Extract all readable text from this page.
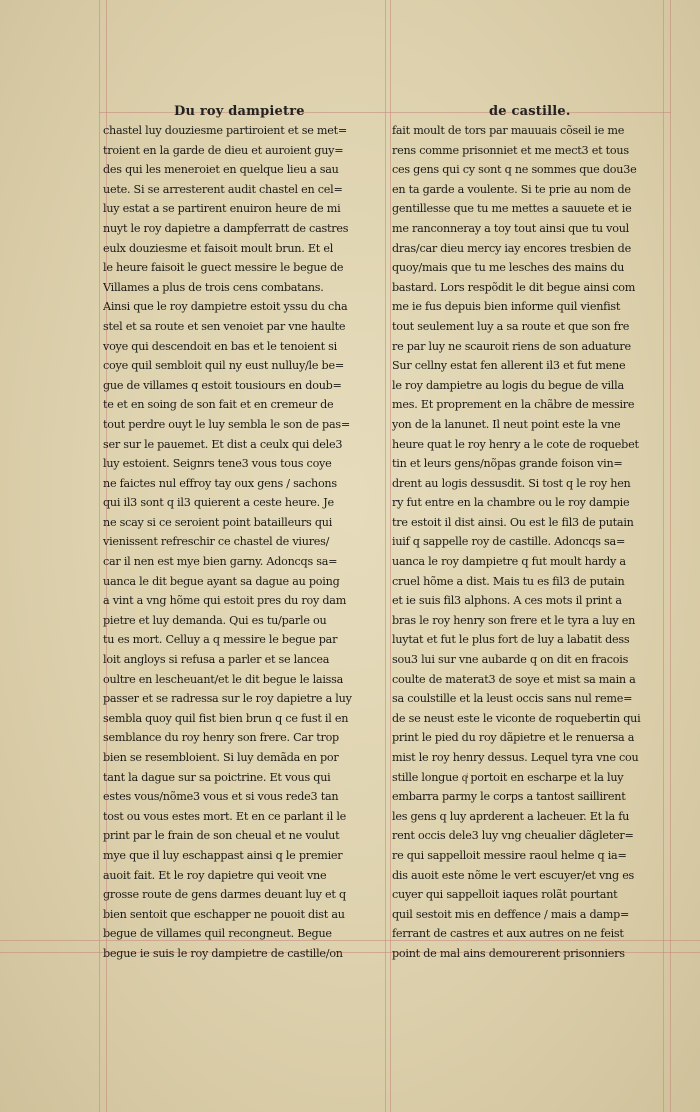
Du roy dampietre	de castille.
chastel luy douziesme partiroient et se met=
troient en la garde de dieu et auroient guy=
des qui les meneroiet en quelque lieu a sau
uete. Si se arresterent audit chastel en cel=
luy estat a se partirent enuiron heure de mi
nuyt le roy dapietre a dampferratt de castres
eulx douziesme et faisoit moult brun. Et el
le heure faisoit le guect messire le begue de
Villames a plus de trois cens combatans.
Ainsi que le roy dampietre estoit yssu du cha
stel et sa route et sen venoiet par vne haulte
voye qui descendoit en bas et le tenoient si
coye quil sembloit quil ny eust nulluy/le be=
gue de villames q estoit tousiours en doub=
te et en soing de son fait et en cremeur de
tout perdre ouyt le luy sembla le son de pas=
ser sur le pauemet. Et dist a ceulx qui dele3
luy estoient. Seignrs tene3 vous tous coye
ne faictes nul effroy tay oux gens / sachons
qui il3 sont q il3 quierent a ceste heure. Je
ne scay si ce seroient point batailleurs qui
vienissent refreschir ce chastel de viures/
car il nen est mye bien garny. Adoncqs sa=
uanca le dit begue ayant sa dague au poing
a vint a vng hõme qui estoit pres du roy dam
pietre et luy demanda. Qui es tu/parle ou
tu es mort. Celluy a q messire le begue par
loit angloys si refusa a parler et se lancea
oultre en lescheuant/et le dit begue le laissa
passer et se radressa sur le roy dapietre a luy
sembla quoy quil fist bien brun q ce fust il en
semblance du roy henry son frere. Car trop
bien se resembloient. Si luy demãda en por
tant la dague sur sa poictrine. Et vous qui
estes vous/nõme3 vous et si vous rede3 tan
tost ou vous estes mort. Et en ce parlant il le
print par le frain de son cheual et ne voulut
mye que il luy eschappast ainsi q le premier
auoit fait. Et le roy dapietre qui veoit vne
grosse route de gens darmes deuant luy et q
bien sentoit que eschapper ne pouoit dist au
begue de villames quil recongneut. Begue
begue ie suis le roy dampietre de castille/on
fait moult de tors par mauuais cõseil ie me
rens comme prisonniet et me mect3 et tous
ces gens qui cy sont q ne sommes que dou3e
en ta garde a voulente. Si te prie au nom de
gentillesse que tu me mettes a sauuete et ie
me ranconneray a toy tout ainsi que tu voul
dras/car dieu mercy iay encores tresbien de
quoy/mais que tu me lesches des mains du
bastard. Lors respõdit le dit begue ainsi com
me ie fus depuis bien informe quil vienfist
tout seulement luy a sa route et que son fre
re par luy ne scauroit riens de son aduature
Sur cellny estat fen allerent il3 et fut mene
le roy dampietre au logis du begue de villa
mes. Et proprement en la chãbre de messire
yon de la lanunet. Il neut point este la vne
heure quat le roy henry a le cote de roquebet
tin et leurs gens/nõpas grande foison vin=
drent au logis dessusdit. Si tost q le roy hen
ry fut entre en la chambre ou le roy dampie
tre estoit il dist ainsi. Ou est le fil3 de putain
iuif q sappelle roy de castille. Adoncqs sa=
uanca le roy dampietre q fut moult hardy a
cruel hõme a dist. Mais tu es fil3 de putain
et ie suis fil3 alphons. A ces mots il print a
bras le roy henry son frere et le tyra a luy en
luytat et fut le plus fort de luy a labatit dess
sou3 lui sur vne aubarde q on dit en fracois
coulte de materat3 de soye et mist sa main a
sa coulstille et la leust occis sans nul reme=
de se neust este le viconte de roquebertin qui
print le pied du roy dãpietre et le renuersa a
mist le roy henry dessus. Lequel tyra vne cou
stille longue qͥ portoit en escharpe et la luy
embarra parmy le corps a tantost saillirent
les gens q luy aprderent a lacheuer. Et la fu
rent occis dele3 luy vng cheualier dãgleter=
re qui sappelloit messire raoul helme q ia=
dis auoit este nõme le vert escuyer/et vng es
cuyer qui sappelloit iaques rolãt pourtant
quil sestoit mis en deffence / mais a damp=
ferrant de castres et aux autres on ne feist
point de mal ains demourerent prisonniers
